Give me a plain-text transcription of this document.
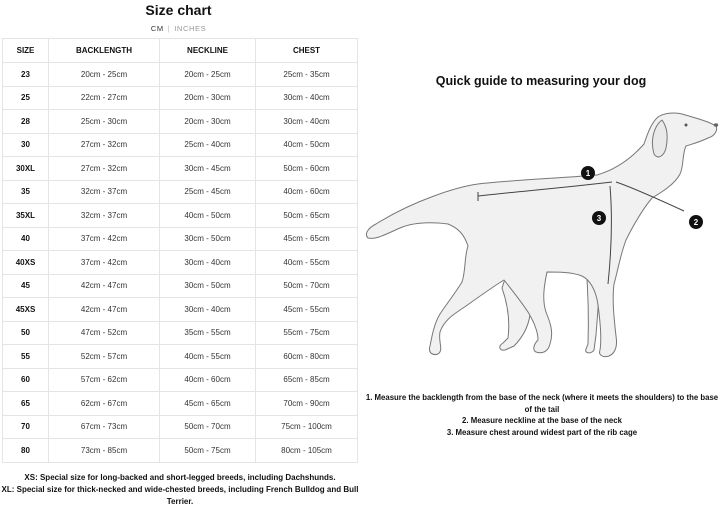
Size chart
CM | INCHES
SIZE	BACKLENGTH	NECKLINE	CHEST
23	20cm - 25cm	20cm - 25cm	25cm - 35cm
25	22cm - 27cm	20cm - 30cm	30cm - 40cm
28	25cm - 30cm	20cm - 30cm	30cm - 40cm
30	27cm - 32cm	25cm - 40cm	40cm - 50cm
30XL	27cm - 32cm	30cm - 45cm	50cm - 60cm
35	32cm - 37cm	25cm - 45cm	40cm - 60cm
35XL	32cm - 37cm	40cm - 50cm	50cm - 65cm
40	37cm - 42cm	30cm - 50cm	45cm - 65cm
40XS	37cm - 42cm	30cm - 40cm	40cm - 55cm
45	42cm - 47cm	30cm - 50cm	50cm - 70cm
45XS	42cm - 47cm	30cm - 40cm	45cm - 55cm
50	47cm - 52cm	35cm - 55cm	55cm - 75cm
55	52cm - 57cm	40cm - 55cm	60cm - 80cm
60	57cm - 62cm	40cm - 60cm	65cm - 85cm
65	62cm - 67cm	45cm - 65cm	70cm - 90cm
70	67cm - 73cm	50cm - 70cm	75cm - 100cm
80	73cm - 85cm	50cm - 75cm	80cm - 105cm
XS: Special size for long-backed and short-legged breeds, including Dachshunds.
XL: Special size for thick-necked and wide-chested breeds, including French Bulldog and Bull Terrier.
Quick guide to measuring your dog
1
2
3
1. Measure the backlength from the base of the neck (where it meets the shoulders) to the base of the tail
2. Measure neckline at the base of the neck
3. Measure chest around widest part of the rib cage
